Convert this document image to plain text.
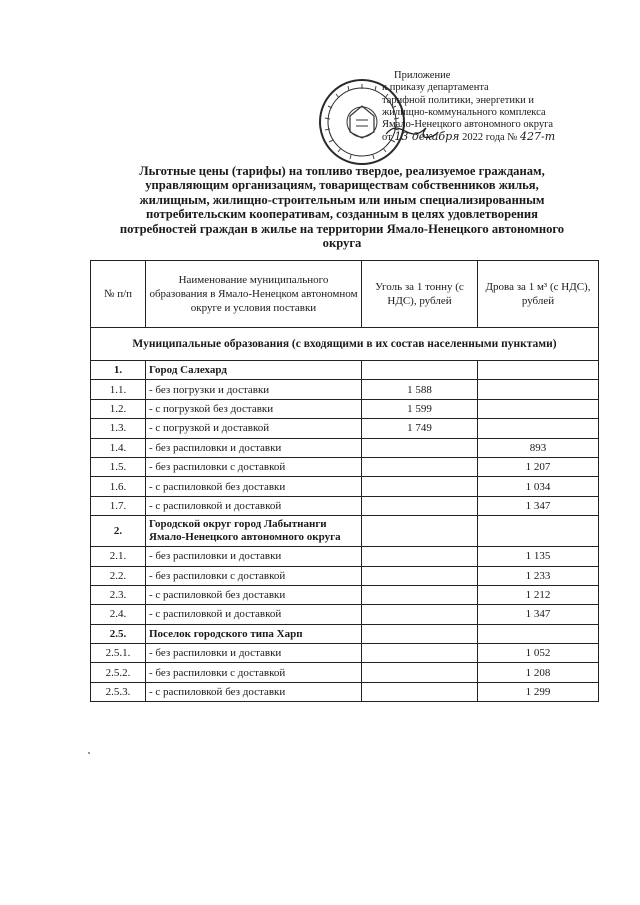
Приложение
к приказу департамента
тарифной политики, энергетики и
жилищно-коммунального комплекса
Ямало-Ненецкого автономного округа
от 13 декабря 2022 года № 427-т
Льготные цены (тарифы) на топливо твердое, реализуемое гражданам,
управляющим организациям, товариществам собственников жилья,
жилищным, жилищно-строительным или иным специализированным
потребительским кооперативам, созданным в целях удовлетворения
потребностей граждан в жилье на территории Ямало-Ненецкого автономного
округа
№ п/п	Наименование муниципального образования в Ямало-Ненецком автономном округе и условия поставки	Уголь за 1 тонну (с НДС), рублей	Дрова за 1 м³ (с НДС), рублей
Муниципальные образования (с входящими в их состав населенными пунктами)			
1.	Город Салехард		
1.1.	- без погрузки и доставки	1 588	
1.2.	- с погрузкой без доставки	1 599	
1.3.	- с погрузкой и доставкой	1 749	
1.4.	- без распиловки и доставки		893
1.5.	- без распиловки с доставкой		1 207
1.6.	- с распиловкой без доставки		1 034
1.7.	- с распиловкой и доставкой		1 347
2.	Городской округ город Лабытнанги Ямало-Ненецкого автономного округа		
2.1.	- без распиловки и доставки		1 135
2.2.	- без распиловки с доставкой		1 233
2.3.	- с распиловкой без доставки		1 212
2.4.	- с распиловкой и доставкой		1 347
2.5.	Поселок городского типа Харп		
2.5.1.	- без распиловки и доставки		1 052
2.5.2.	- без распиловки с доставкой		1 208
2.5.3.	- с распиловкой без доставки		1 299
